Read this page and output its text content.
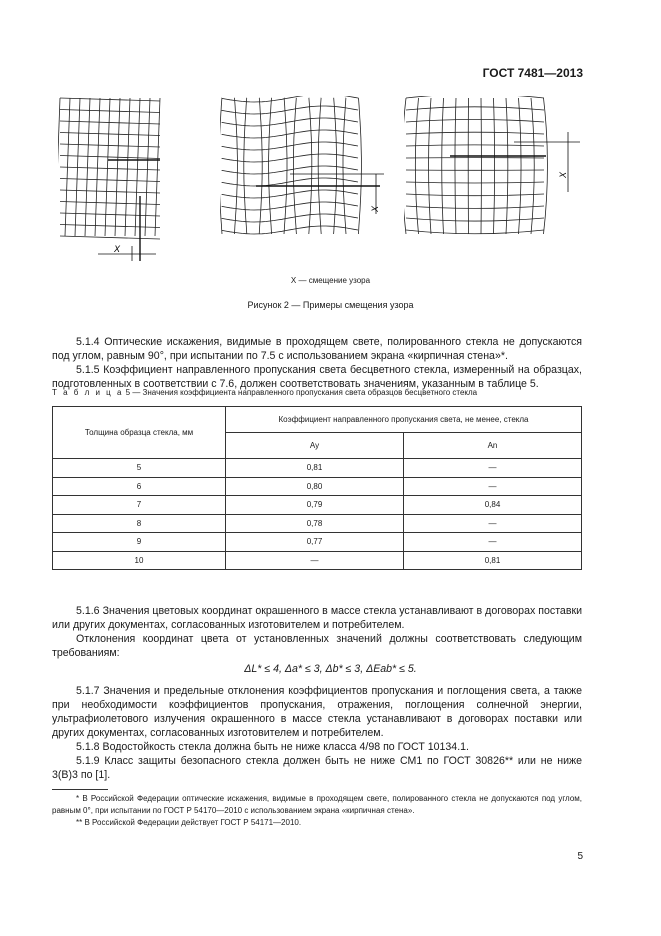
ГОСТ 7481—2013
X
X
X
X — смещение узора
Рисунок 2 — Примеры смещения узора

5.1.4 Оптические искажения, видимые в проходящем свете, полированного стекла не допускаются под углом, равным 90°, при испытании по 7.5 с использованием экрана «кирпичная стена»*.

5.1.5 Коэффициент направленного пропускания света бесцветного стекла, измеренный на образцах, подготовленных в соответствии с 7.6, должен соответствовать значениям, указанным в таблице 5.

Т а б л и ц а 5 — Значения коэффициента направленного пропускания света образцов бесцветного стекла
Толщина образца стекла, мм	Коэффициент направленного пропускания света, не менее, стекла	
	Ay	An
5	0,81	—
6	0,80	—
7	0,79	0,84
8	0,78	—
9	0,77	—
10	—	0,81

5.1.6 Значения цветовых координат окрашенного в массе стекла устанавливают в договорах поставки или других документах, согласованных изготовителем и потребителем.

Отклонения координат цвета от установленных значений должны соответствовать следующим требованиям:

ΔL* ≤ 4, Δa* ≤ 3, Δb* ≤ 3, ΔEab* ≤ 5.

5.1.7 Значения и предельные отклонения коэффициентов пропускания и поглощения света, а также при необходимости коэффициентов пропускания, отражения, поглощения солнечной энергии, ультрафиолетового излучения окрашенного в массе стекла устанавливают в договорах поставки или других документах, согласованных изготовителем и потребителем.

5.1.8 Водостойкость стекла должна быть не ниже класса 4/98 по ГОСТ 10134.1.

5.1.9 Класс защиты безопасного стекла должен быть не ниже СМ1 по ГОСТ 30826** или не ниже 3(B)3 по [1].

* В Российской Федерации оптические искажения, видимые в проходящем свете, полированного стекла не допускаются под углом, равным 0°, при испытании по ГОСТ Р 54170—2010 с использованием экрана «кирпичная стена».

** В Российской Федерации действует ГОСТ Р 54171—2010.

5
